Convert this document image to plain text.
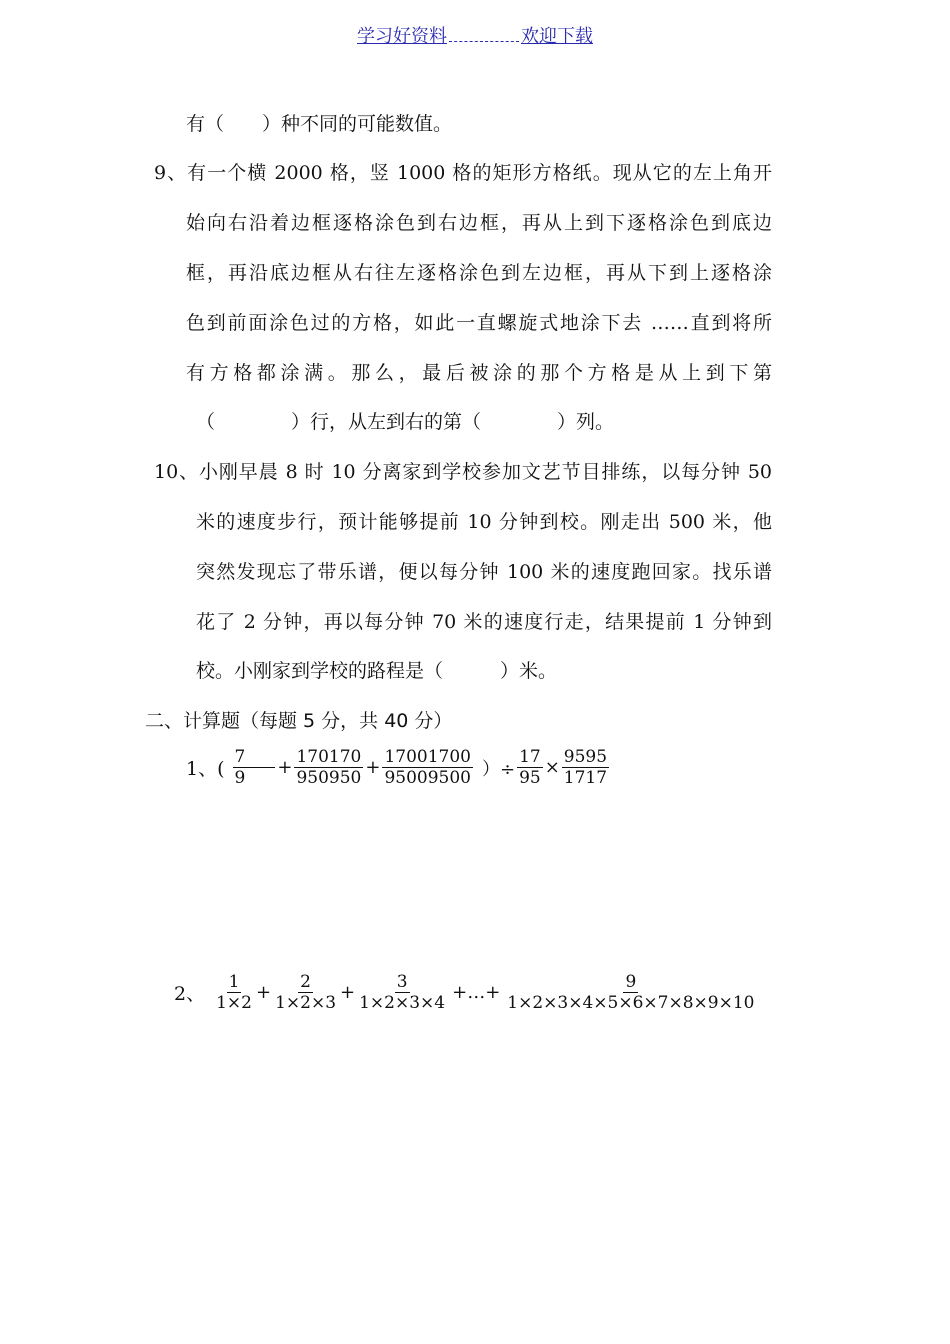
学习好资料	欢迎下载
有（　　）种不同的可能数值。
9、有一个横 2000 格，竖 1000 格的矩形方格纸。现从它的左上角开
始向右沿着边框逐格涂色到右边框，再从上到下逐格涂色到底边
框，再沿底边框从右往左逐格涂色到左边框，再从下到上逐格涂
色到前面涂色过的方格，如此一直螺旋式地涂下去 ……直到将所
有方格都涂满。那么，最后被涂的那个方格是从上到下第
（　　　　）行，从左到右的第（　　　　）列。
10、小刚早晨 8 时 10 分离家到学校参加文艺节目排练，以每分钟 50
米的速度步行，预计能够提前 10 分钟到校。刚走出 500 米，他
突然发现忘了带乐谱，便以每分钟 100 米的速度跑回家。找乐谱
花了 2 分钟，再以每分钟 70 米的速度行走，结果提前 1 分钟到
校。小刚家到学校的路程是（　　　）米。
二、计算题（每题 5 分，共 40 分）
1、( $\frac{7}{9} + \frac{170170}{950950} + \frac{17001700}{95009500}$ ）÷ $\frac{17}{95} \times \frac{9595}{1717}$
2、 $\frac{1}{1\times 2} + \frac{2}{1\times 2\times 3} + \frac{3}{1\times 2\times 3\times 4}$ +…+ $\frac{9}{1\times 2\times 3\times 4\times 5\times 6\times 7\times 8\times 9\times 10}$
